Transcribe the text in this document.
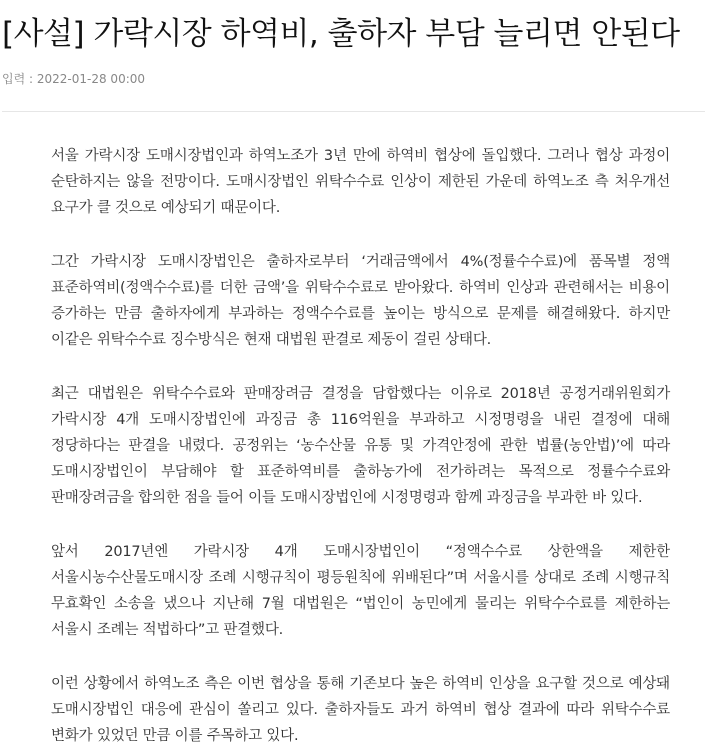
[사설] 가락시장 하역비, 출하자 부담 늘리면 안된다
입력 : 2022-01-28 00:00

서울 가락시장 도매시장법인과 하역노조가 3년 만에 하역비 협상에 돌입했다. 그러나 협상 과정이 순탄하지는 않을 전망이다. 도매시장법인 위탁수수료 인상이 제한된 가운데 하역노조 측 처우개선 요구가 클 것으로 예상되기 때문이다.

그간 가락시장 도매시장법인은 출하자로부터 ‘거래금액에서 4%(정률수수료)에 품목별 정액 표준하역비(정액수수료)를 더한 금액’을 위탁수수료로 받아왔다. 하역비 인상과 관련해서는 비용이 증가하는 만큼 출하자에게 부과하는 정액수수료를 높이는 방식으로 문제를 해결해왔다. 하지만 이같은 위탁수수료 징수방식은 현재 대법원 판결로 제동이 걸린 상태다.

최근 대법원은 위탁수수료와 판매장려금 결정을 담합했다는 이유로 2018년 공정거래위원회가 가락시장 4개 도매시장법인에 과징금 총 116억원을 부과하고 시정명령을 내린 결정에 대해 정당하다는 판결을 내렸다. 공정위는 ‘농수산물 유통 및 가격안정에 관한 법률(농안법)’에 따라 도매시장법인이 부담해야 할 표준하역비를 출하농가에 전가하려는 목적으로 정률수수료와 판매장려금을 합의한 점을 들어 이들 도매시장법인에 시정명령과 함께 과징금을 부과한 바 있다.

앞서 2017년엔 가락시장 4개 도매시장법인이 “정액수수료 상한액을 제한한 서울시농수산물도매시장 조례 시행규칙이 평등원칙에 위배된다”며 서울시를 상대로 조례 시행규칙 무효확인 소송을 냈으나 지난해 7월 대법원은 “법인이 농민에게 물리는 위탁수수료를 제한하는 서울시 조례는 적법하다”고 판결했다.

이런 상황에서 하역노조 측은 이번 협상을 통해 기존보다 높은 하역비 인상을 요구할 것으로 예상돼 도매시장법인 대응에 관심이 쏠리고 있다. 출하자들도 과거 하역비 협상 결과에 따라 위탁수수료 변화가 있었던 만큼 이를 주목하고 있다.
